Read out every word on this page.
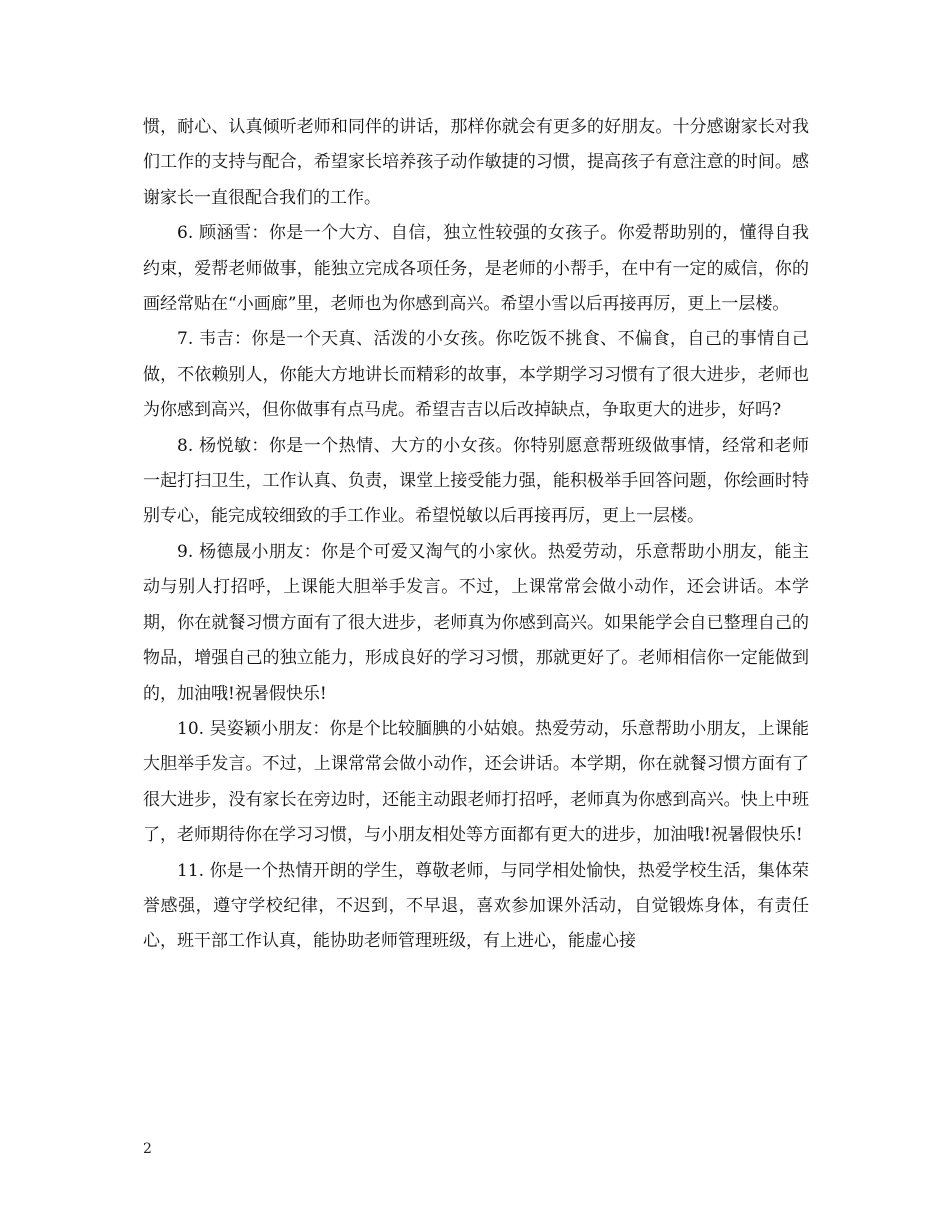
惯，耐心、认真倾听老师和同伴的讲话，那样你就会有更多的好朋友。十分感谢家长对我们工作的支持与配合，希望家长培养孩子动作敏捷的习惯，提高孩子有意注意的时间。感谢家长一直很配合我们的工作。

6. 顾涵雪：你是一个大方、自信，独立性较强的女孩子。你爱帮助别的，懂得自我约束，爱帮老师做事，能独立完成各项任务，是老师的小帮手，在中有一定的威信，你的画经常贴在“小画廊”里，老师也为你感到高兴。希望小雪以后再接再厉，更上一层楼。

7. 韦吉：你是一个天真、活泼的小女孩。你吃饭不挑食、不偏食，自己的事情自己做，不依赖别人，你能大方地讲长而精彩的故事，本学期学习习惯有了很大进步，老师也为你感到高兴，但你做事有点马虎。希望吉吉以后改掉缺点，争取更大的进步，好吗?

8. 杨悦敏：你是一个热情、大方的小女孩。你特别愿意帮班级做事情，经常和老师一起打扫卫生，工作认真、负责，课堂上接受能力强，能积极举手回答问题，你绘画时特别专心，能完成较细致的手工作业。希望悦敏以后再接再厉，更上一层楼。

9. 杨德晟小朋友：你是个可爱又淘气的小家伙。热爱劳动，乐意帮助小朋友，能主动与别人打招呼，上课能大胆举手发言。不过，上课常常会做小动作，还会讲话。本学期，你在就餐习惯方面有了很大进步，老师真为你感到高兴。如果能学会自已整理自己的物品，增强自己的独立能力，形成良好的学习习惯，那就更好了。老师相信你一定能做到的，加油哦!祝暑假快乐!

10. 吴姿颖小朋友：你是个比较腼腆的小姑娘。热爱劳动，乐意帮助小朋友，上课能大胆举手发言。不过，上课常常会做小动作，还会讲话。本学期，你在就餐习惯方面有了很大进步，没有家长在旁边时，还能主动跟老师打招呼，老师真为你感到高兴。快上中班了，老师期待你在学习习惯，与小朋友相处等方面都有更大的进步，加油哦!祝暑假快乐!

11. 你是一个热情开朗的学生，尊敬老师，与同学相处愉快，热爱学校生活，集体荣誉感强，遵守学校纪律，不迟到，不早退，喜欢参加课外活动，自觉锻炼身体，有责任心，班干部工作认真，能协助老师管理班级，有上进心，能虚心接

2
